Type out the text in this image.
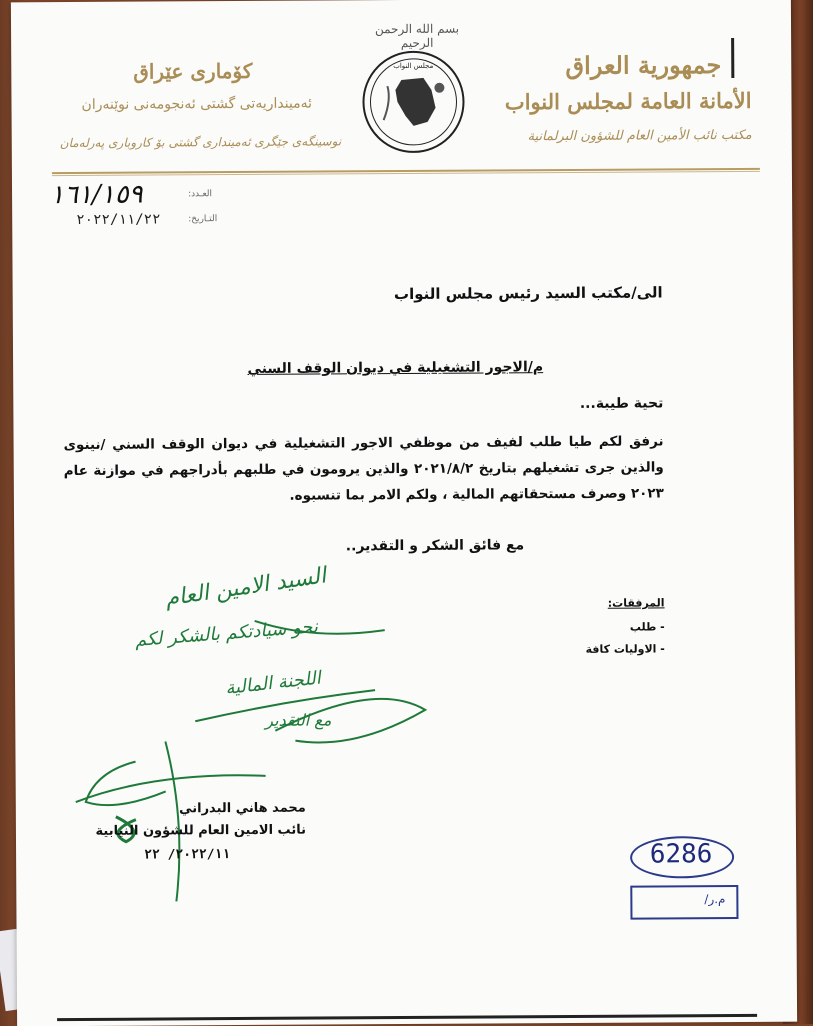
بسم الله الرحمن الرحيم
مجلس النواب	جمهورية العراق
الأمانة العامة لمجلس النواب
مكتب نائب الأمين العام للشؤون البرلمانية
كۆماری عێراق
ئەمینداریەتی گشتی ئەنجومەنی نوێنەران
نوسینگەی جێگری ئەمینداری گشتی بۆ کاروباری پەرلەمان
١٦١/١٥٩	العـدد:
٢٠٢٢/١١/٢٢	التـاريخ:
الى/مكتب السيد رئيس مجلس النواب
م/الاجور التشغيلية في ديوان الوقف السني
تحية طيبة...
نرفق لكم طيا طلب لفيف من موظفي الاجور التشغيلية في ديوان الوقف السني /نينوى والذين جرى تشغيلهم بتاريخ ٢٠٢١/٨/٢ والذين يرومون في طلبهم بأدراجهم في موازنة عام ٢٠٢٣ وصرف مستحقاتهم المالية ، ولكم الامر بما تنسبوه.
مع فائق الشكر و التقدير..
المرفقات:
- طلب
- الاوليات كافة
السيد الامين العام
نحو سيادتكم بالشكر لكم
اللجنة المالية
مع التقدير
محمد هاني البدراني
نائب الامين العام للشؤون النيابية
٢٠٢٢/١١/ ٢٢	6286
م.ر/
